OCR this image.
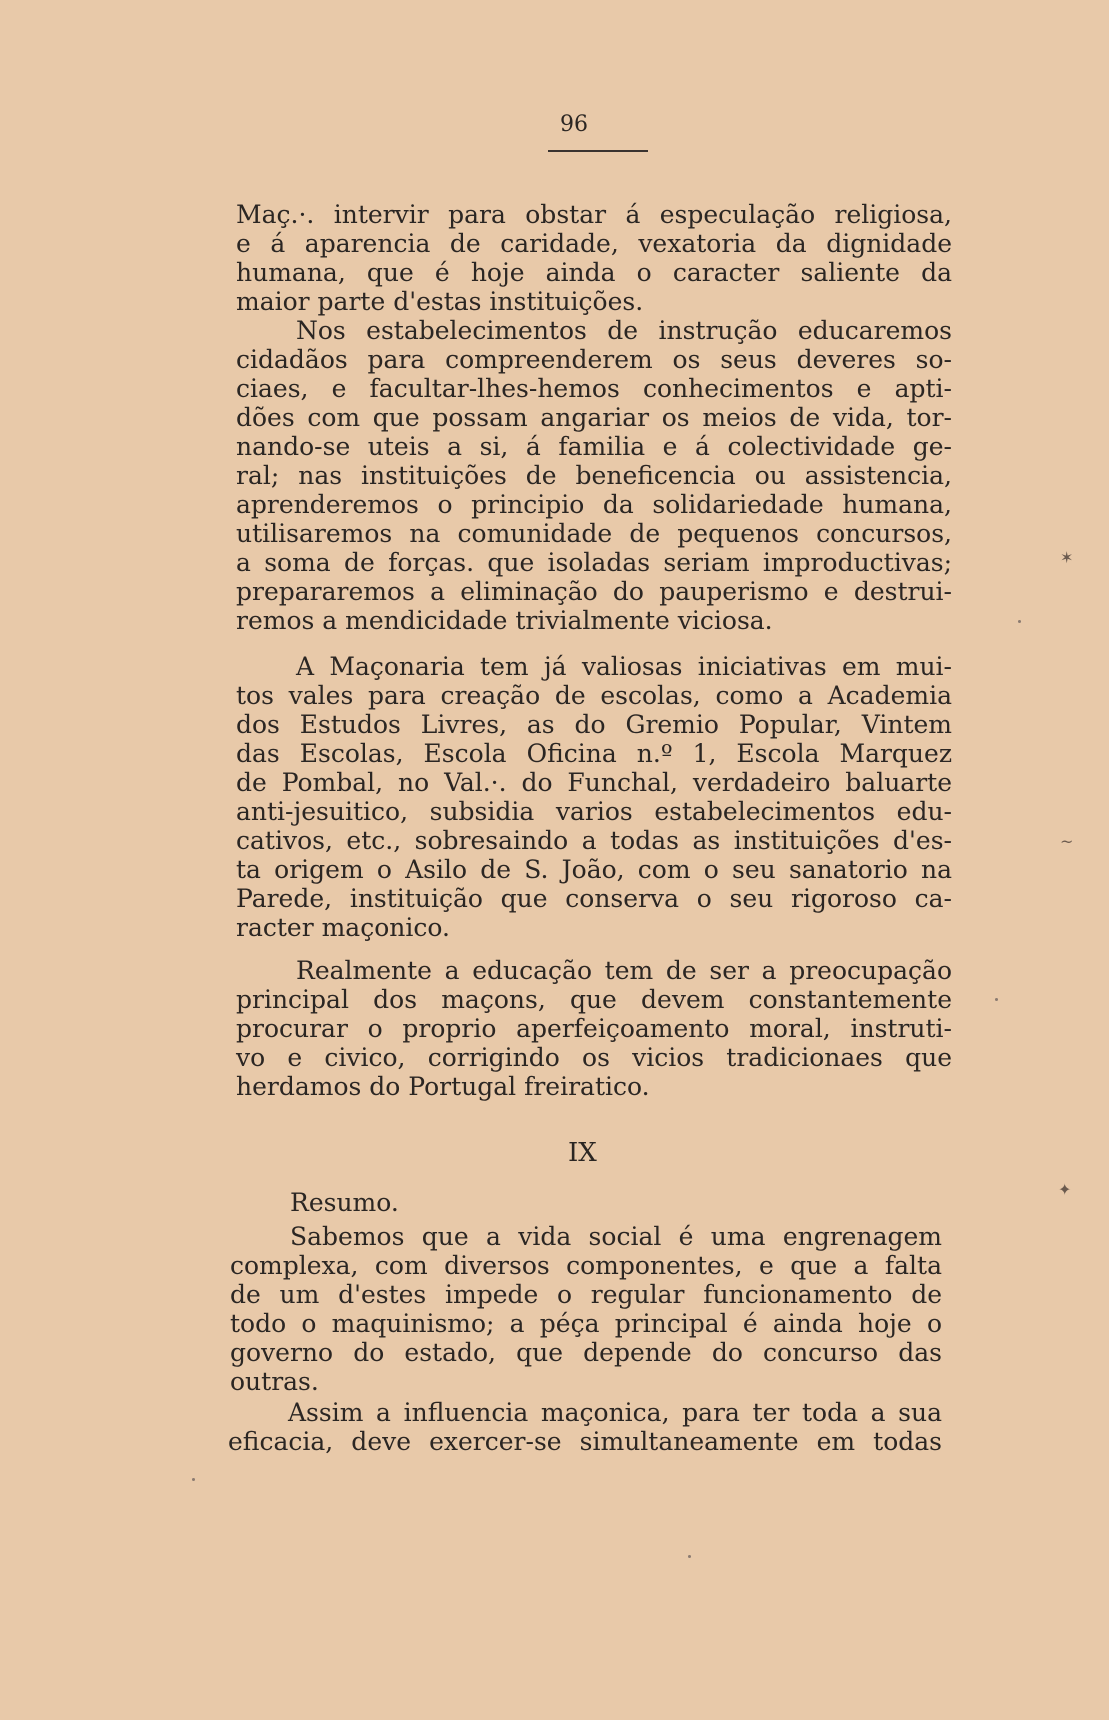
96
Maç.·. intervir para obstar á especulação religiosa,
e á aparencia de caridade, vexatoria da dignidade
humana, que é hoje ainda o caracter saliente da
maior parte d'estas instituições.
Nos estabelecimentos de instrução educaremos
cidadãos para compreenderem os seus deveres so-
ciaes, e facultar-lhes-hemos conhecimentos e apti-
dões com que possam angariar os meios de vida, tor-
nando-se uteis a si, á familia e á colectividade ge-
ral; nas instituições de beneficencia ou assistencia,
aprenderemos o principio da solidariedade humana,
utilisaremos na comunidade de pequenos concursos,
a soma de forças. que isoladas seriam improductivas;
prepararemos a eliminação do pauperismo e destrui-
remos a mendicidade trivialmente viciosa.
A Maçonaria tem já valiosas iniciativas em mui-
tos vales para creação de escolas, como a Academia
dos Estudos Livres, as do Gremio Popular, Vintem
das Escolas, Escola Oficina n.º 1, Escola Marquez
de Pombal, no Val.·. do Funchal, verdadeiro baluarte
anti-jesuitico, subsidia varios estabelecimentos edu-
cativos, etc., sobresaindo a todas as instituições d'es-
ta origem o Asilo de S. João, com o seu sanatorio na
Parede, instituição que conserva o seu rigoroso ca-
racter maçonico.
Realmente a educação tem de ser a preocupação
principal dos maçons, que devem constantemente
procurar o proprio aperfeiçoamento moral, instruti-
vo e civico, corrigindo os vicios tradicionaes que
herdamos do Portugal freiratico.
IX
Resumo.
Sabemos que a vida social é uma engrenagem
complexa, com diversos componentes, e que a falta
de um d'estes impede o regular funcionamento de
todo o maquinismo; a péça principal é ainda hoje o
governo do estado, que depende do concurso das
outras.
Assim a influencia maçonica, para ter toda a sua
eficacia, deve exercer-se simultaneamente em todas
✶
~
✦
